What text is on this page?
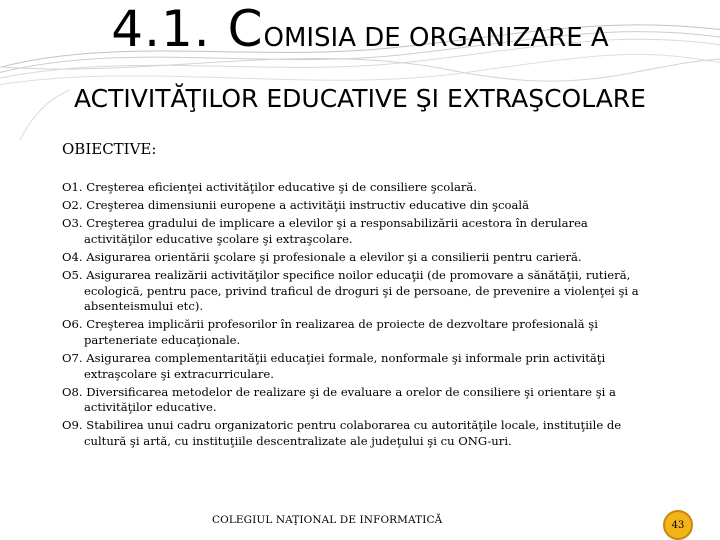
4.1. COMISIA DE ORGANIZARE A
ACTIVITĂŢILOR EDUCATIVE ŞI EXTRAŞCOLARE
OBIECTIVE:
O1. Creşterea eficienţei activităţilor educative şi de consiliere şcolară.
O2. Creşterea dimensiunii europene a activităţii instructiv educative din şcoală
O3. Creşterea gradului de implicare a elevilor şi a responsabilizării acestora în derularea activităţilor educative şcolare şi extraşcolare.
O4. Asigurarea orientării şcolare şi profesionale a elevilor şi a consilierii pentru carieră.
O5. Asigurarea realizării activităţilor specifice noilor educaţii (de promovare a sănătăţii, rutieră, ecologică, pentru pace, privind traficul de droguri şi de persoane, de prevenire a violenţei şi a absenteismului etc).
O6. Creşterea implicării profesorilor în realizarea de proiecte de dezvoltare profesională şi parteneriate educaţionale.
O7. Asigurarea complementarităţii educaţiei formale, nonformale şi informale prin activităţi extraşcolare şi extracurriculare.
O8. Diversificarea metodelor de realizare şi de evaluare a orelor de consiliere şi orientare şi a activităţilor educative.
O9. Stabilirea unui cadru organizatoric pentru colaborarea cu autorităţile locale, instituţiile de cultură şi artă, cu instituţiile descentralizate ale judeţului şi cu ONG-uri.
COLEGIUL NAŢIONAL DE INFORMATICĂ	43
